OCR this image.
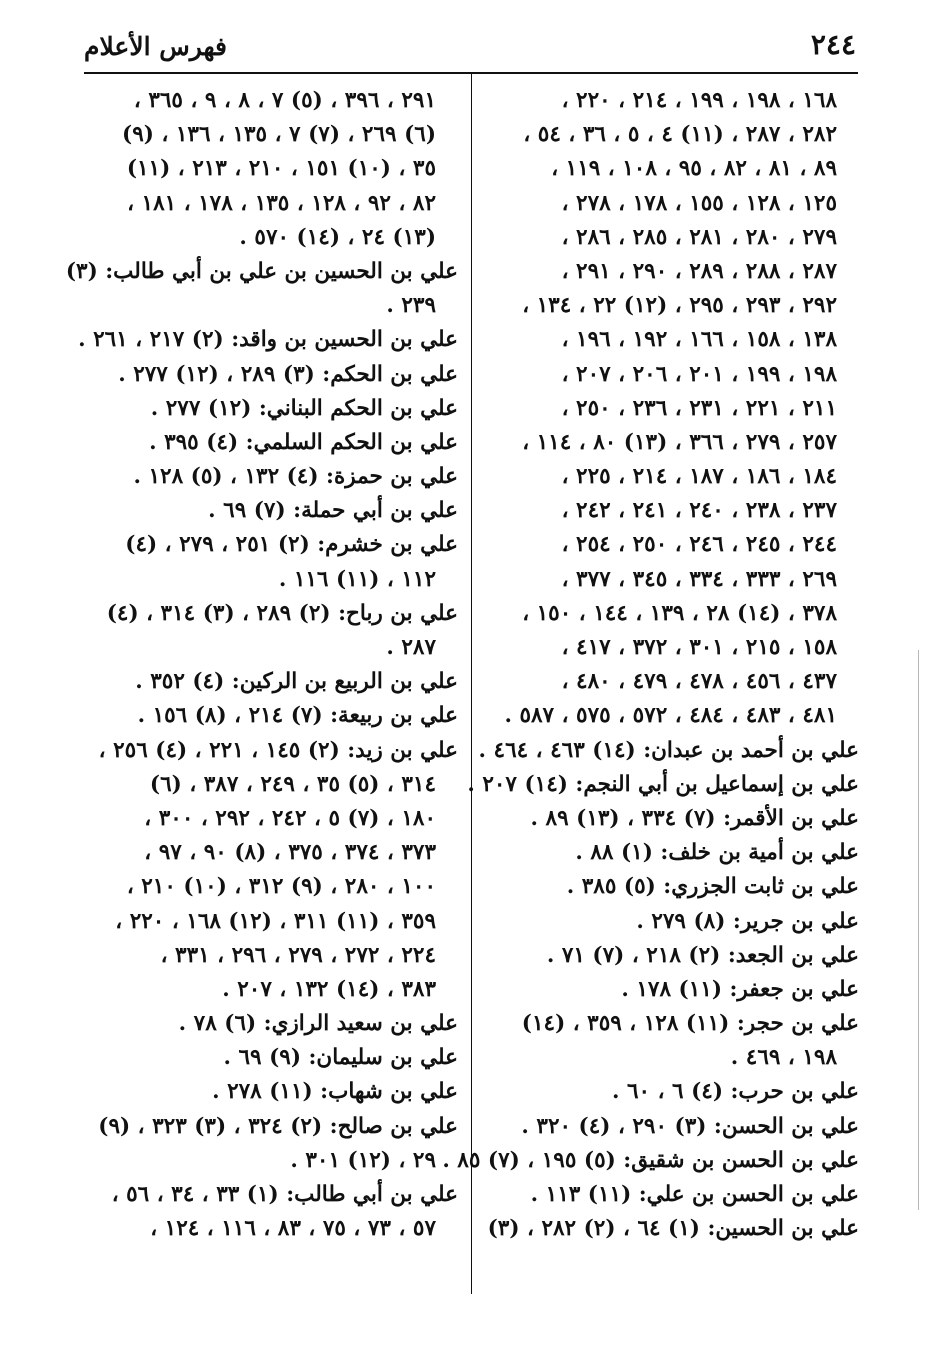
٢٤٤
فهرس الأعلام
١٦٨ ، ١٩٨ ، ١٩٩ ، ٢١٤ ، ٢٢٠ ،
٢٨٢ ، ٢٨٧ ، (١١) ٤ ، ٥ ، ٣٦ ، ٥٤ ،
٨٩ ، ٨١ ، ٨٢ ، ٩٥ ، ١٠٨ ، ١١٩ ،
١٢٥ ، ١٢٨ ، ١٥٥ ، ١٧٨ ، ٢٧٨ ،
٢٧٩ ، ٢٨٠ ، ٢٨١ ، ٢٨٥ ، ٢٨٦ ،
٢٨٧ ، ٢٨٨ ، ٢٨٩ ، ٢٩٠ ، ٢٩١ ،
٢٩٢ ، ٢٩٣ ، ٢٩٥ ، (١٢) ٢٢ ، ١٣٤ ،
١٣٨ ، ١٥٨ ، ١٦٦ ، ١٩٢ ، ١٩٦ ،
١٩٨ ، ١٩٩ ، ٢٠١ ، ٢٠٦ ، ٢٠٧ ،
٢١١ ، ٢٢١ ، ٢٣١ ، ٢٣٦ ، ٢٥٠ ،
٢٥٧ ، ٢٧٩ ، ٣٦٦ ، (١٣) ٨٠ ، ١١٤ ،
١٨٤ ، ١٨٦ ، ١٨٧ ، ٢١٤ ، ٢٢٥ ،
٢٣٧ ، ٢٣٨ ، ٢٤٠ ، ٢٤١ ، ٢٤٢ ،
٢٤٤ ، ٢٤٥ ، ٢٤٦ ، ٢٥٠ ، ٢٥٤ ،
٢٦٩ ، ٣٣٣ ، ٣٣٤ ، ٣٤٥ ، ٣٧٧ ،
٣٧٨ ، (١٤) ٢٨ ، ١٣٩ ، ١٤٤ ، ١٥٠ ،
١٥٨ ، ٢١٥ ، ٣٠١ ، ٣٧٢ ، ٤١٧ ،
٤٣٧ ، ٤٥٦ ، ٤٧٨ ، ٤٧٩ ، ٤٨٠ ،
٤٨١ ، ٤٨٣ ، ٤٨٤ ، ٥٧٢ ، ٥٧٥ ، ٥٨٧ .
علي بن أحمد بن عبدان: (١٤) ٤٦٣ ، ٤٦٤ .
علي بن إسماعيل بن أبي النجم: (١٤) ٢٠٧ .
علي بن الأقمر: (٧) ٣٣٤ ، (١٣) ٨٩ .
علي بن أمية بن خلف: (١) ٨٨ .
علي بن ثابت الجزري: (٥) ٣٨٥ .
علي بن جرير: (٨) ٢٧٩ .
علي بن الجعد: (٢) ٢١٨ ، (٧) ٧١ .
علي بن جعفر: (١١) ١٧٨ .
علي بن حجر: (١١) ١٢٨ ، ٣٥٩ ، (١٤)
١٩٨ ، ٤٦٩ .
علي بن حرب: (٤) ٦ ، ٦٠ .
علي بن الحسن: (٣) ٢٩٠ ، (٤) ٣٢٠ .
علي بن الحسن بن شقيق: (٥) ١٩٥ ، (٧) ٨٥ .
علي بن الحسن بن علي: (١١) ١١٣ .
علي بن الحسين: (١) ٦٤ ، (٢) ٢٨٢ ، (٣)
٢٩١ ، ٣٩٦ ، (٥) ٧ ، ٨ ، ٩ ، ٣٦٥ ،
(٦) ٢٦٩ ، (٧) ٧ ، ١٣٥ ، ١٣٦ ، (٩)
٣٥ ، (١٠) ١٥١ ، ٢١٠ ، ٢١٣ ، (١١)
٨٢ ، ٩٢ ، ١٢٨ ، ١٣٥ ، ١٧٨ ، ١٨١ ،
(١٣) ٢٤ ، (١٤) ٥٧٠ .
علي بن الحسين بن علي بن أبي طالب: (٣)
٢٣٩ .
علي بن الحسين بن واقد: (٢) ٢١٧ ، ٢٦١ .
علي بن الحكم: (٣) ٢٨٩ ، (١٢) ٢٧٧ .
علي بن الحكم البناني: (١٢) ٢٧٧ .
علي بن الحكم السلمي: (٤) ٣٩٥ .
علي بن حمزة: (٤) ١٣٢ ، (٥) ١٢٨ .
علي بن أبي حملة: (٧) ٦٩ .
علي بن خشرم: (٢) ٢٥١ ، ٢٧٩ ، (٤)
١١٢ ، (١١) ١١٦ .
علي بن رباح: (٢) ٢٨٩ ، (٣) ٣١٤ ، (٤)
٢٨٧ .
علي بن الربيع بن الركين: (٤) ٣٥٢ .
علي بن ربيعة: (٧) ٢١٤ ، (٨) ١٥٦ .
علي بن زيد: (٢) ١٤٥ ، ٢٢١ ، (٤) ٢٥٦ ،
٣١٤ ، (٥) ٣٥ ، ٢٤٩ ، ٣٨٧ ، (٦)
١٨٠ ، (٧) ٥ ، ٢٤٢ ، ٢٩٢ ، ٣٠٠ ،
٣٧٣ ، ٣٧٤ ، ٣٧٥ ، (٨) ٩٠ ، ٩٧ ،
١٠٠ ، ٢٨٠ ، (٩) ٣١٢ ، (١٠) ٢١٠ ،
٣٥٩ ، (١١) ٣١١ ، (١٢) ١٦٨ ، ٢٢٠ ،
٢٢٤ ، ٢٧٢ ، ٢٧٩ ، ٢٩٦ ، ٣٣١ ،
٣٨٣ ، (١٤) ١٣٢ ، ٢٠٧ .
علي بن سعيد الرازي: (٦) ٧٨ .
علي بن سليمان: (٩) ٦٩ .
علي بن شهاب: (١١) ٢٧٨ .
علي بن صالح: (٢) ٣٢٤ ، (٣) ٣٢٣ ، (٩)
٢٩ ، (١٢) ٣٠١ .
علي بن أبي طالب: (١) ٣٣ ، ٣٤ ، ٥٦ ،
٥٧ ، ٧٣ ، ٧٥ ، ٨٣ ، ١١٦ ، ١٢٤ ،
